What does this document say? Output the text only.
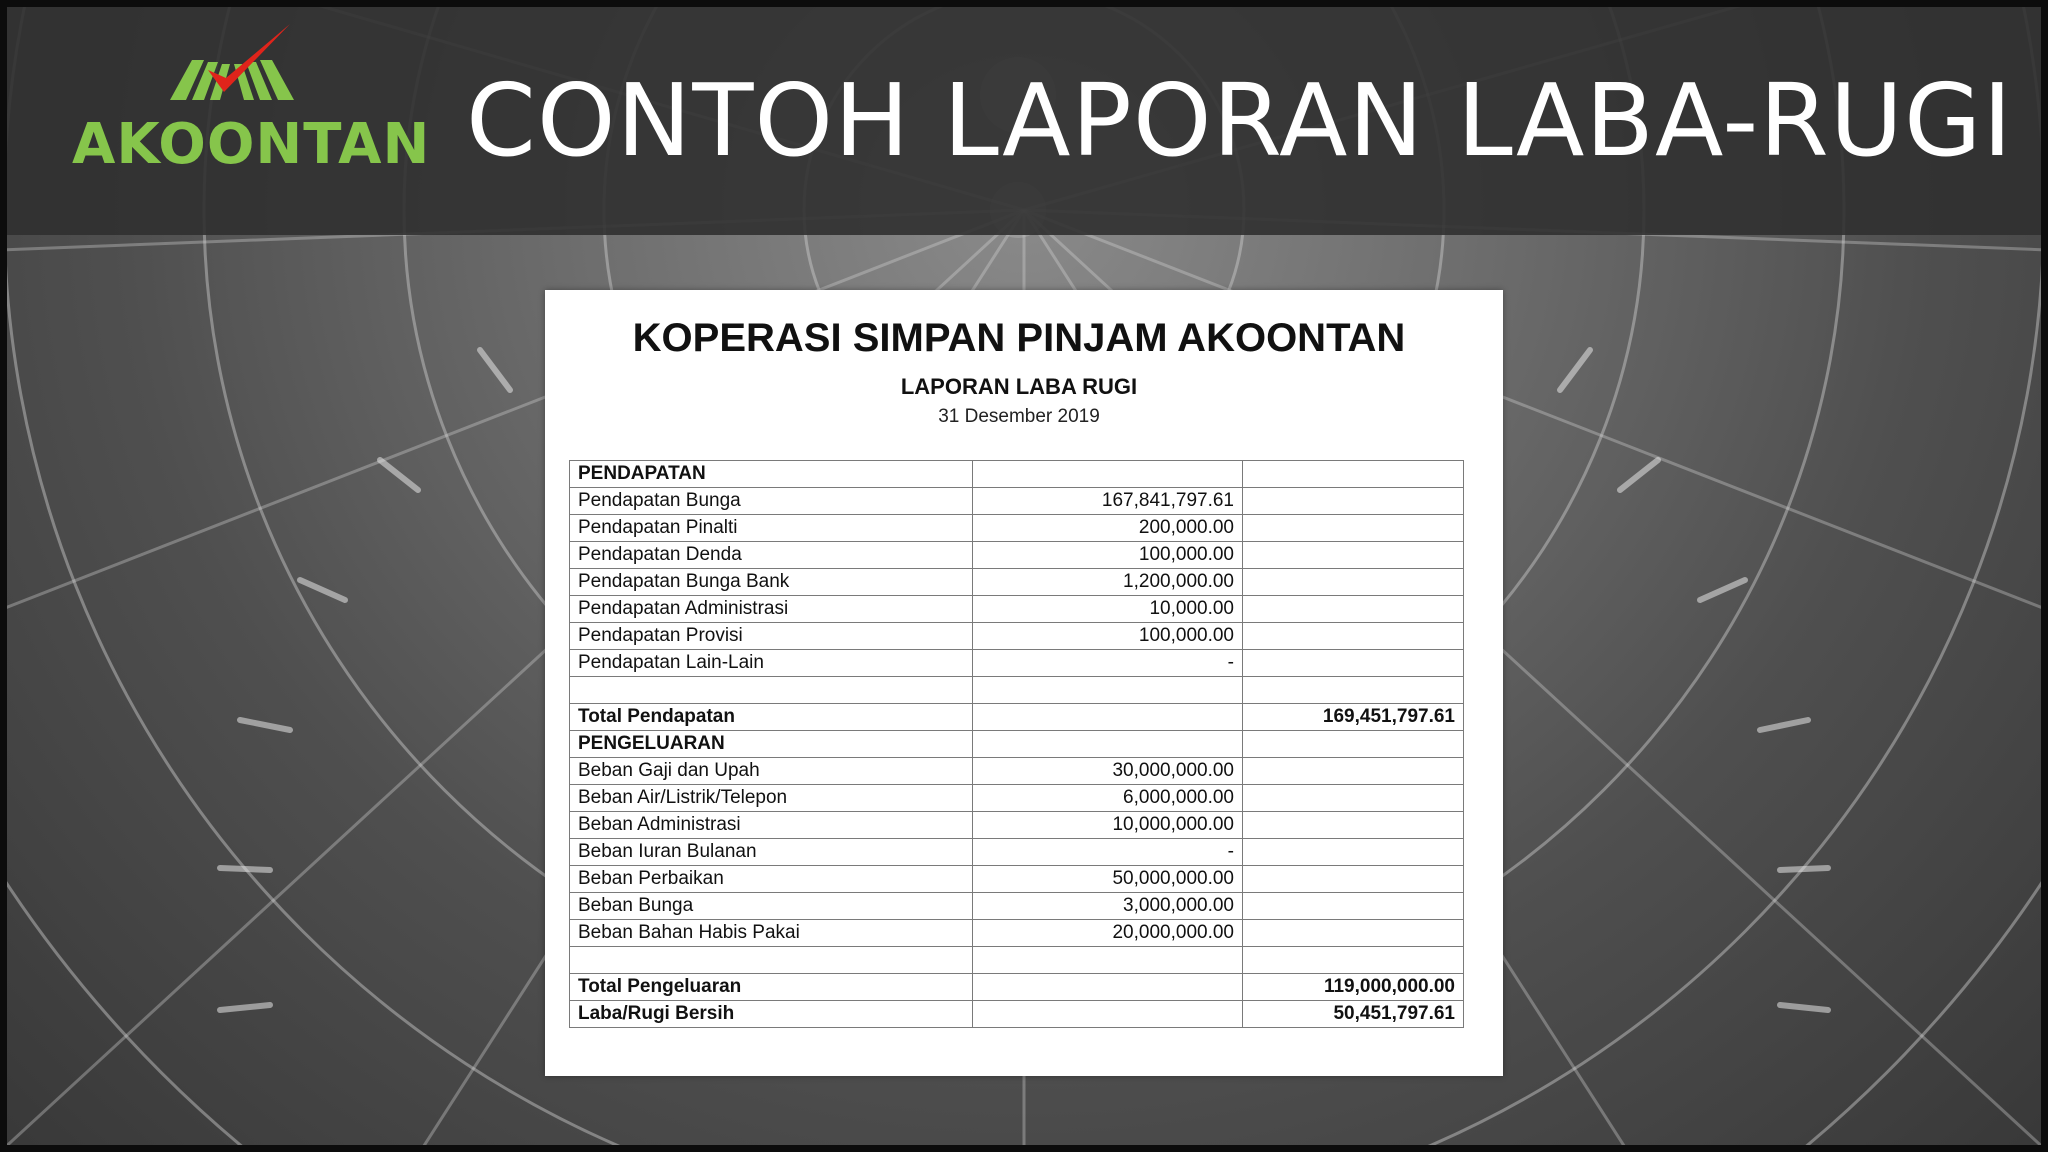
AKOONTAN CONTOH LAPORAN LABA-RUGI
KOPERASI SIMPAN PINJAM AKOONTAN
LAPORAN LABA RUGI
31 Desember 2019
PENDAPATAN		
Pendapatan Bunga	167,841,797.61	
Pendapatan Pinalti	200,000.00	
Pendapatan Denda	100,000.00	
Pendapatan Bunga Bank	1,200,000.00	
Pendapatan Administrasi	10,000.00	
Pendapatan Provisi	100,000.00	
Pendapatan Lain-Lain	-	

Total Pendapatan		169,451,797.61
PENGELUARAN		
Beban Gaji dan Upah	30,000,000.00	
Beban Air/Listrik/Telepon	6,000,000.00	
Beban Administrasi	10,000,000.00	
Beban Iuran Bulanan	-	
Beban Perbaikan	50,000,000.00	
Beban Bunga	3,000,000.00	
Beban Bahan Habis Pakai	20,000,000.00	

Total Pengeluaran		119,000,000.00
Laba/Rugi Bersih		50,451,797.61
